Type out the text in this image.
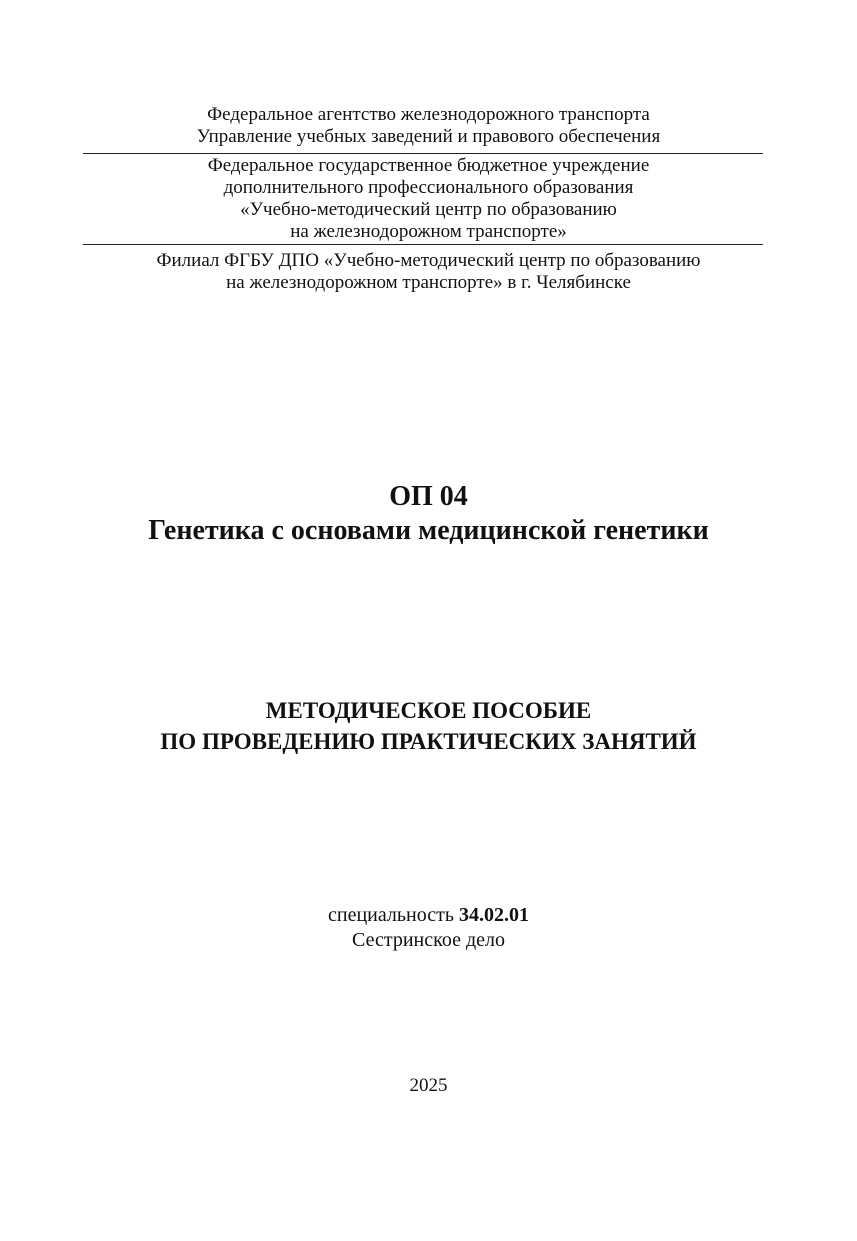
Федеральное агентство железнодорожного транспорта
Управление учебных заведений и правового обеспечения
Федеральное государственное бюджетное учреждение
дополнительного профессионального образования
«Учебно-методический центр по образованию
на железнодорожном транспорте»
Филиал ФГБУ ДПО «Учебно-методический центр по образованию
на железнодорожном транспорте» в г. Челябинске
ОП 04
Генетика с основами медицинской генетики
МЕТОДИЧЕСКОЕ ПОСОБИЕ
ПО ПРОВЕДЕНИЮ ПРАКТИЧЕСКИХ ЗАНЯТИЙ
специальность 34.02.01
Сестринское дело
2025
